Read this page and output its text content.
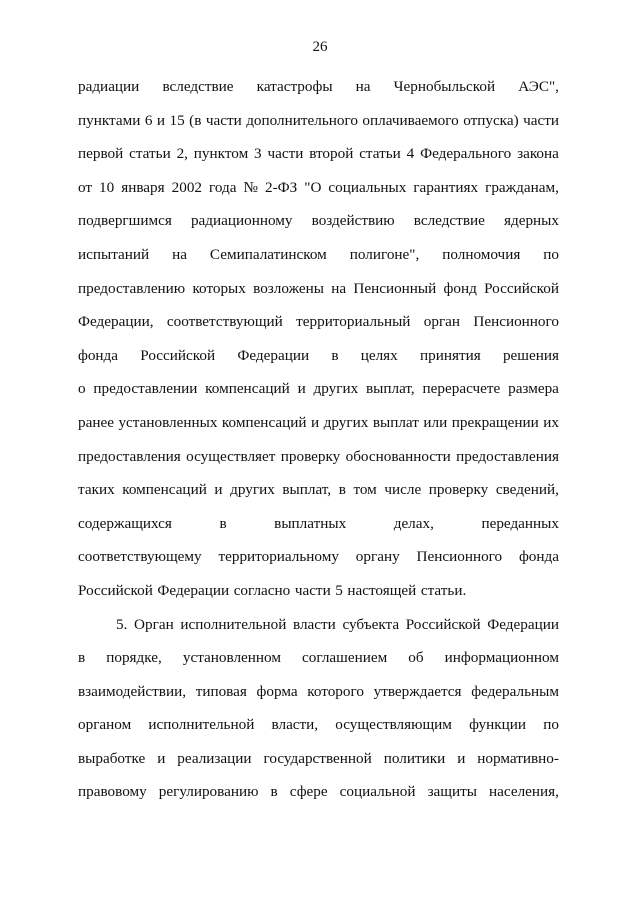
26
радиации вследствие катастрофы на Чернобыльской АЭС",
пунктами 6 и 15 (в части дополнительного оплачиваемого отпуска) части
первой статьи 2, пунктом 3 части второй статьи 4 Федерального закона
от 10 января 2002 года № 2-ФЗ "О социальных гарантиях гражданам,
подвергшимся радиационному воздействию вследствие ядерных
испытаний на Семипалатинском полигоне", полномочия по
предоставлению которых возложены на Пенсионный фонд Российской
Федерации, соответствующий территориальный орган Пенсионного
фонда Российской Федерации в целях принятия решения
о предоставлении компенсаций и других выплат, перерасчете размера
ранее установленных компенсаций и других выплат или прекращении их
предоставления осуществляет проверку обоснованности предоставления
таких компенсаций и других выплат, в том числе проверку сведений,
содержащихся	в	выплатных	делах,	переданных
соответствующему территориальному органу Пенсионного фонда
Российской Федерации согласно части 5 настоящей статьи.
5. Орган исполнительной власти субъекта Российской Федерации
в порядке, установленном соглашением об информационном
взаимодействии, типовая форма которого утверждается федеральным
органом исполнительной власти, осуществляющим функции по
выработке и реализации государственной политики и нормативно-
правовому регулированию в сфере социальной защиты населения,
